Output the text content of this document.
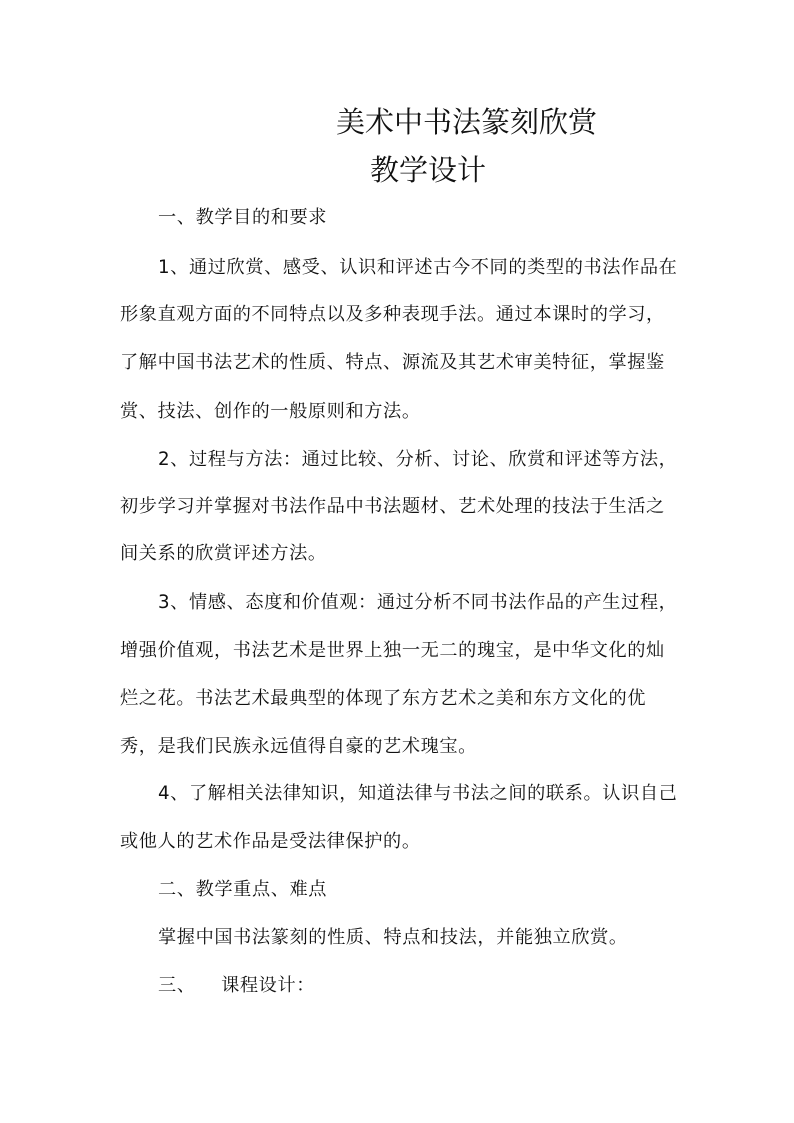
美术中书法篆刻欣赏
教学设计
一、教学目的和要求
1、通过欣赏、感受、认识和评述古今不同的类型的书法作品在
形象直观方面的不同特点以及多种表现手法。通过本课时的学习，
了解中国书法艺术的性质、特点、源流及其艺术审美特征，掌握鉴
赏、技法、创作的一般原则和方法。
2、过程与方法：通过比较、分析、讨论、欣赏和评述等方法，
初步学习并掌握对书法作品中书法题材、艺术处理的技法于生活之
间关系的欣赏评述方法。
3、情感、态度和价值观：通过分析不同书法作品的产生过程，
增强价值观，书法艺术是世界上独一无二的瑰宝，是中华文化的灿
烂之花。书法艺术最典型的体现了东方艺术之美和东方文化的优
秀，是我们民族永远值得自豪的艺术瑰宝。
4、了解相关法律知识，知道法律与书法之间的联系。认识自己
或他人的艺术作品是受法律保护的。
二、教学重点、难点
掌握中国书法篆刻的性质、特点和技法，并能独立欣赏。
三、    课程设计：
